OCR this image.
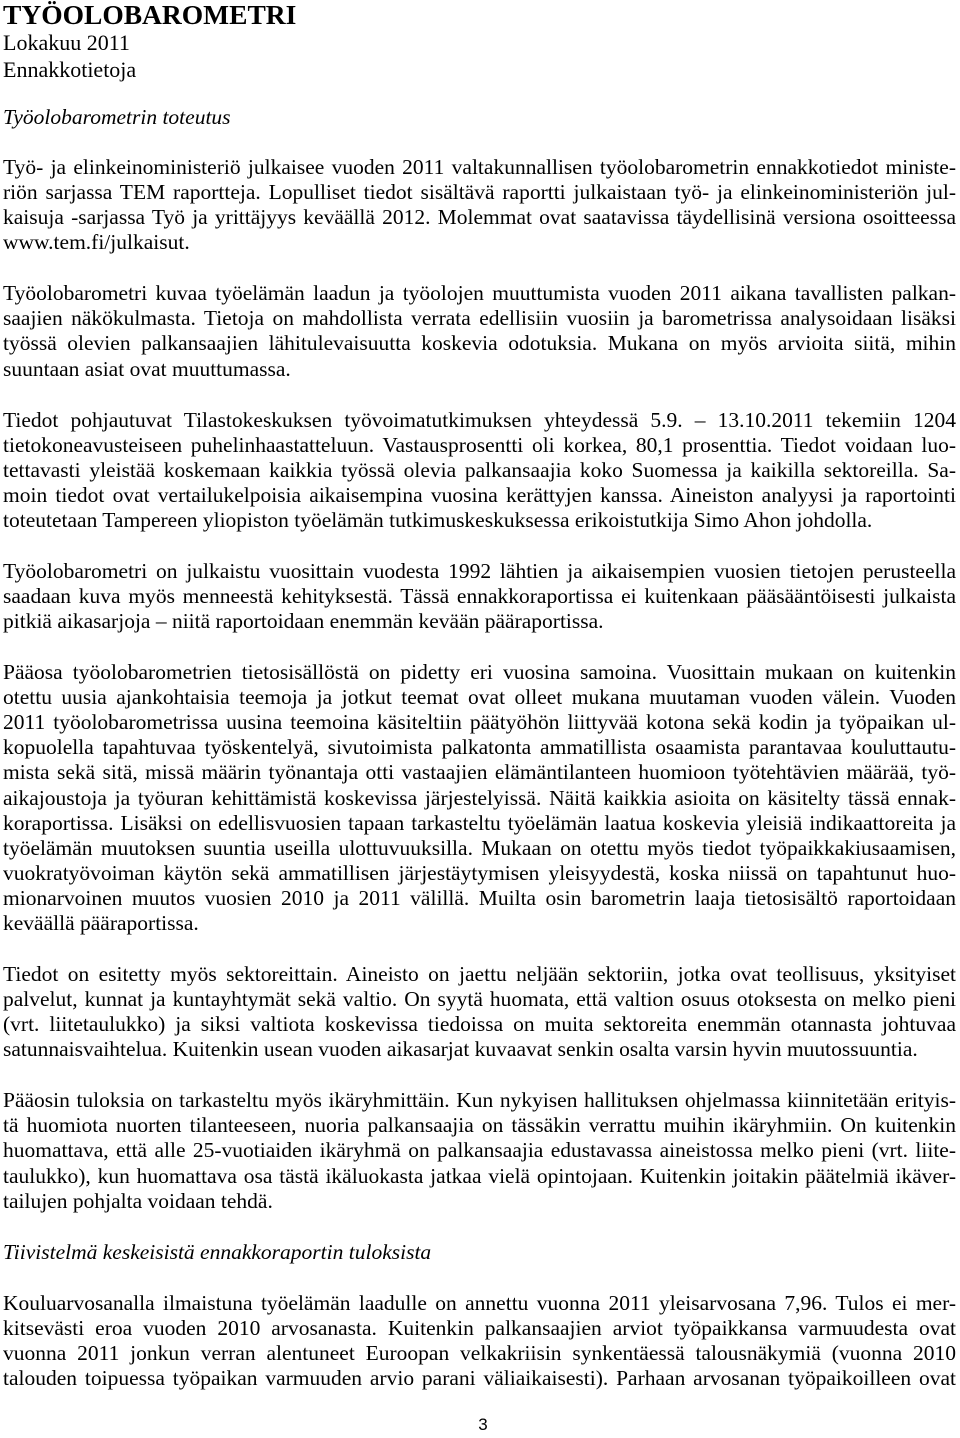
TYÖOLOBAROMETRI
Lokakuu 2011
Ennakkotietoja
Työolobarometrin toteutus
Työ- ja elinkeinoministeriö julkaisee vuoden 2011 valtakunnallisen työolobarometrin ennakkotiedot ministe-
riön sarjassa TEM raportteja. Lopulliset tiedot sisältävä raportti julkaistaan työ- ja elinkeinoministeriön jul-
kaisuja -sarjassa Työ ja yrittäjyys keväällä 2012. Molemmat ovat saatavissa täydellisinä versiona osoitteessa
www.tem.fi/julkaisut.
Työolobarometri kuvaa työelämän laadun ja työolojen muuttumista vuoden 2011 aikana tavallisten palkan-
saajien näkökulmasta. Tietoja on mahdollista verrata edellisiin vuosiin ja barometrissa analysoidaan lisäksi
työssä olevien palkansaajien lähitulevaisuutta koskevia odotuksia. Mukana on myös arvioita siitä, mihin
suuntaan asiat ovat muuttumassa.
Tiedot pohjautuvat Tilastokeskuksen työvoimatutkimuksen yhteydessä 5.9. – 13.10.2011 tekemiin 1204
tietokoneavusteiseen puhelinhaastatteluun. Vastausprosentti oli korkea, 80,1 prosenttia. Tiedot voidaan luo-
tettavasti yleistää koskemaan kaikkia työssä olevia palkansaajia koko Suomessa ja kaikilla sektoreilla. Sa-
moin tiedot ovat vertailukelpoisia aikaisempina vuosina kerättyjen kanssa. Aineiston analyysi ja raportointi
toteutetaan Tampereen yliopiston työelämän tutkimuskeskuksessa erikoistutkija Simo Ahon johdolla.
Työolobarometri on julkaistu vuosittain vuodesta 1992 lähtien ja aikaisempien vuosien tietojen perusteella
saadaan kuva myös menneestä kehityksestä. Tässä ennakkoraportissa ei kuitenkaan pääsääntöisesti julkaista
pitkiä aikasarjoja – niitä raportoidaan enemmän kevään pääraportissa.
Pääosa työolobarometrien tietosisällöstä on pidetty eri vuosina samoina. Vuosittain mukaan on kuitenkin
otettu uusia ajankohtaisia teemoja ja jotkut teemat ovat olleet mukana muutaman vuoden välein. Vuoden
2011 työolobarometrissa uusina teemoina käsiteltiin päätyöhön liittyvää kotona sekä kodin ja työpaikan ul-
kopuolella tapahtuvaa työskentelyä, sivutoimista palkatonta ammatillista osaamista parantavaa kouluttautu-
mista sekä sitä, missä määrin työnantaja otti vastaajien elämäntilanteen huomioon työtehtävien määrää, työ-
aikajoustoja ja työuran kehittämistä koskevissa järjestelyissä. Näitä kaikkia asioita on käsitelty tässä ennak-
koraportissa. Lisäksi on edellisvuosien tapaan tarkasteltu työelämän laatua koskevia yleisiä indikaattoreita ja
työelämän muutoksen suuntia useilla ulottuvuuksilla. Mukaan on otettu myös tiedot työpaikkakiusaamisen,
vuokratyövoiman käytön sekä ammatillisen järjestäytymisen yleisyydestä, koska niissä on tapahtunut huo-
mionarvoinen muutos vuosien 2010 ja 2011 välillä. Muilta osin barometrin laaja tietosisältö raportoidaan
keväällä pääraportissa.
Tiedot on esitetty myös sektoreittain. Aineisto on jaettu neljään sektoriin, jotka ovat teollisuus, yksityiset
palvelut, kunnat ja kuntayhtymät sekä valtio. On syytä huomata, että valtion osuus otoksesta on melko pieni
(vrt. liitetaulukko) ja siksi valtiota koskevissa tiedoissa on muita sektoreita enemmän otannasta johtuvaa
satunnaisvaihtelua. Kuitenkin usean vuoden aikasarjat kuvaavat senkin osalta varsin hyvin muutossuuntia.
Pääosin tuloksia on tarkasteltu myös ikäryhmittäin. Kun nykyisen hallituksen ohjelmassa kiinnitetään erityis-
tä huomiota nuorten tilanteeseen, nuoria palkansaajia on tässäkin verrattu muihin ikäryhmiin. On kuitenkin
huomattava, että alle 25-vuotiaiden ikäryhmä on palkansaajia edustavassa aineistossa melko pieni (vrt. liite-
taulukko), kun huomattava osa tästä ikäluokasta jatkaa vielä opintojaan. Kuitenkin joitakin päätelmiä ikäver-
tailujen pohjalta voidaan tehdä.
Tiivistelmä keskeisistä ennakkoraportin tuloksista
Kouluarvosanalla ilmaistuna työelämän laadulle on annettu vuonna 2011 yleisarvosana 7,96. Tulos ei mer-
kitsevästi eroa vuoden 2010 arvosanasta. Kuitenkin palkansaajien arviot työpaikkansa varmuudesta ovat
vuonna 2011 jonkun verran alentuneet Euroopan velkakriisin synkentäessä talousnäkymiä (vuonna 2010
talouden toipuessa työpaikan varmuuden arvio parani väliaikaisesti). Parhaan arvosanan työpaikoilleen ovat
3
